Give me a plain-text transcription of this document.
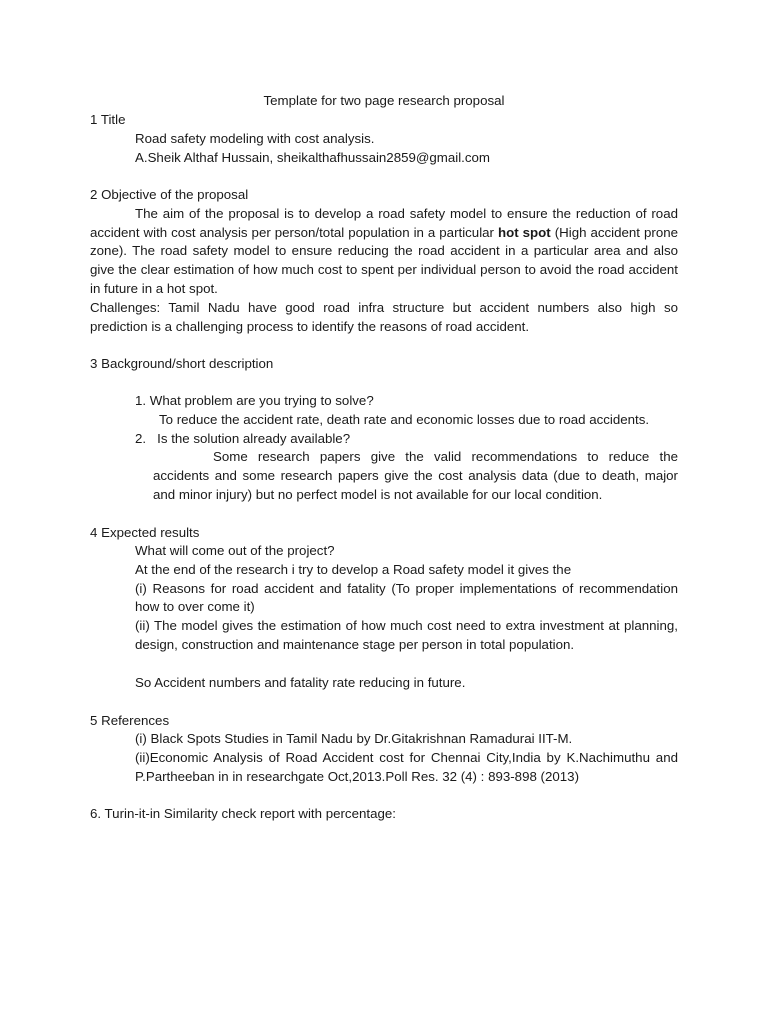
Template for two page research proposal
1 Title
Road safety modeling with cost analysis.
A.Sheik Althaf Hussain, sheikalthafhussain2859@gmail.com
2 Objective of the proposal
The aim of the proposal is to develop a road safety model to ensure the reduction of road accident with cost analysis per person/total population in a particular hot spot (High accident prone zone). The road safety model to ensure reducing the road accident in a particular area and also give the clear estimation of how much cost to spent per individual person to avoid the road accident in future in a hot spot.
Challenges: Tamil Nadu have good road infra structure but accident numbers also high so prediction is a challenging process to identify the reasons of road accident.
3 Background/short description
1. What problem are you trying to solve?
To reduce the accident rate, death rate and economic losses due to road accidents.
2.   Is the solution already available?
Some research papers give the valid recommendations to reduce the accidents and some research papers give the cost analysis data (due to death, major and minor injury) but no perfect model is not available for our local condition.
4 Expected results
What will come out of the project?
At the end of the research i try to develop a Road safety model it gives the
(i) Reasons for road accident and fatality (To proper implementations of recommendation how to over come it)
(ii) The model gives the estimation of how much cost need to extra investment at planning, design, construction and maintenance stage per person in total population.
So Accident numbers and fatality rate reducing in future.
5 References
(i) Black Spots Studies in Tamil Nadu by Dr.Gitakrishnan Ramadurai IIT-M.
(ii)Economic Analysis of Road Accident cost for Chennai City,India by K.Nachimuthu and P.Partheeban in in researchgate Oct,2013.Poll Res. 32 (4) : 893-898 (2013)
6. Turin-it-in Similarity check report with percentage:
